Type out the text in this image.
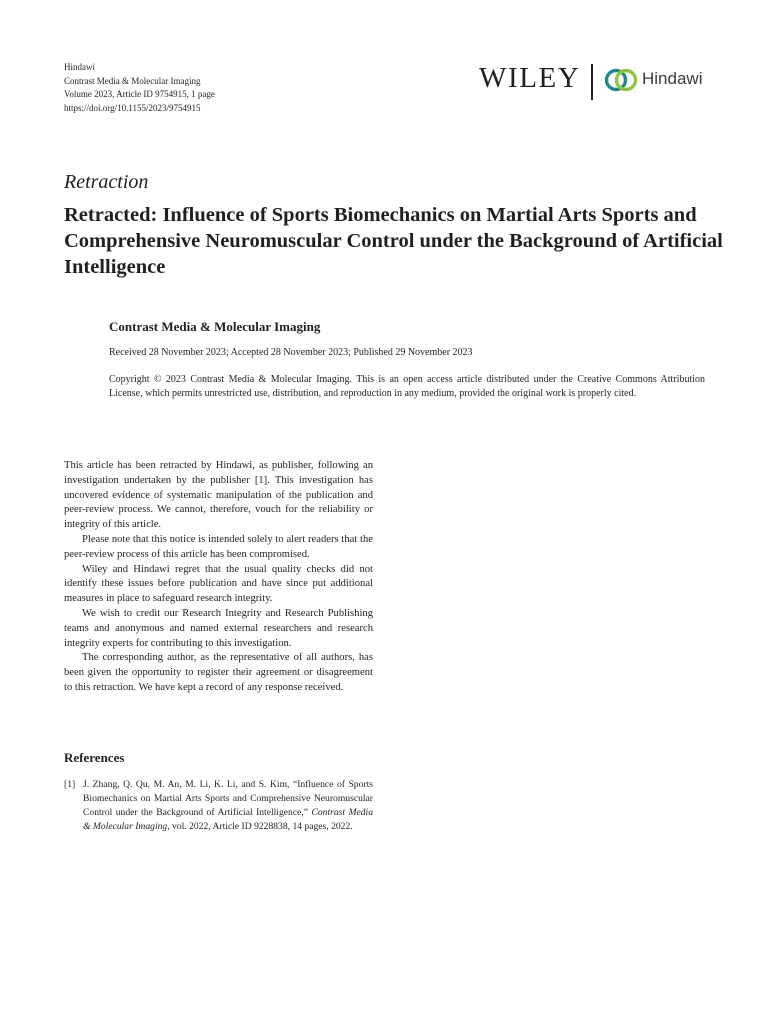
Hindawi
Contrast Media & Molecular Imaging
Volume 2023, Article ID 9754915, 1 page
https://doi.org/10.1155/2023/9754915
WILEY	Hindawi
Retraction
Retracted: Influence of Sports Biomechanics on Martial Arts Sports and Comprehensive Neuromuscular Control under the Background of Artificial Intelligence
Contrast Media & Molecular Imaging
Received 28 November 2023; Accepted 28 November 2023; Published 29 November 2023
Copyright © 2023 Contrast Media & Molecular Imaging. This is an open access article distributed under the Creative Commons Attribution License, which permits unrestricted use, distribution, and reproduction in any medium, provided the original work is properly cited.

This article has been retracted by Hindawi, as publisher, following an investigation undertaken by the publisher [1]. This investigation has uncovered evidence of systematic manipulation of the publication and peer-review process. We cannot, therefore, vouch for the reliability or integrity of this article.

Please note that this notice is intended solely to alert readers that the peer-review process of this article has been compromised.

Wiley and Hindawi regret that the usual quality checks did not identify these issues before publication and have since put additional measures in place to safeguard research integrity.

We wish to credit our Research Integrity and Research Publishing teams and anonymous and named external researchers and research integrity experts for contributing to this investigation.

The corresponding author, as the representative of all authors, has been given the opportunity to register their agreement or disagreement to this retraction. We have kept a record of any response received.

References
[1] J. Zhang, Q. Qu, M. An, M. Li, K. Li, and S. Kim, “Influence of Sports Biomechanics on Martial Arts Sports and Comprehensive Neuromuscular Control under the Background of Artificial Intelligence,” Contrast Media & Molecular Imaging, vol. 2022, Article ID 9228838, 14 pages, 2022.
